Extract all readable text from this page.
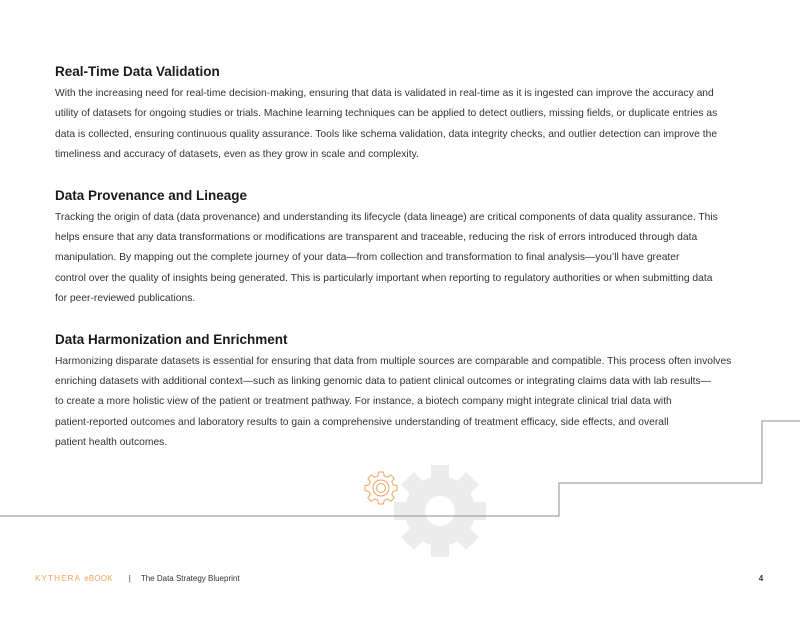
Real-Time Data Validation

With the increasing need for real-time decision-making, ensuring that data is validated in real-time as it is ingested can improve the accuracy and
utility of datasets for ongoing studies or trials. Machine learning techniques can be applied to detect outliers, missing fields, or duplicate entries as
data is collected, ensuring continuous quality assurance. Tools like schema validation, data integrity checks, and outlier detection can improve the
timeliness and accuracy of datasets, even as they grow in scale and complexity.

Data Provenance and Lineage

Tracking the origin of data (data provenance) and understanding its lifecycle (data lineage) are critical components of data quality assurance. This
helps ensure that any data transformations or modifications are transparent and traceable, reducing the risk of errors introduced through data
manipulation. By mapping out the complete journey of your data—from collection and transformation to final analysis—you’ll have greater
control over the quality of insights being generated. This is particularly important when reporting to regulatory authorities or when submitting data
for peer-reviewed publications.

Data Harmonization and Enrichment

Harmonizing disparate datasets is essential for ensuring that data from multiple sources are comparable and compatible. This process often involves
enriching datasets with additional context—such as linking genomic data to patient clinical outcomes or integrating claims data with lab results—
to create a more holistic view of the patient or treatment pathway. For instance, a biotech company might integrate clinical trial data with
patient-reported outcomes and laboratory results to gain a comprehensive understanding of treatment efficacy, side effects, and overall
patient health outcomes.

KYTHERA eBOOK | The Data Strategy Blueprint	4
